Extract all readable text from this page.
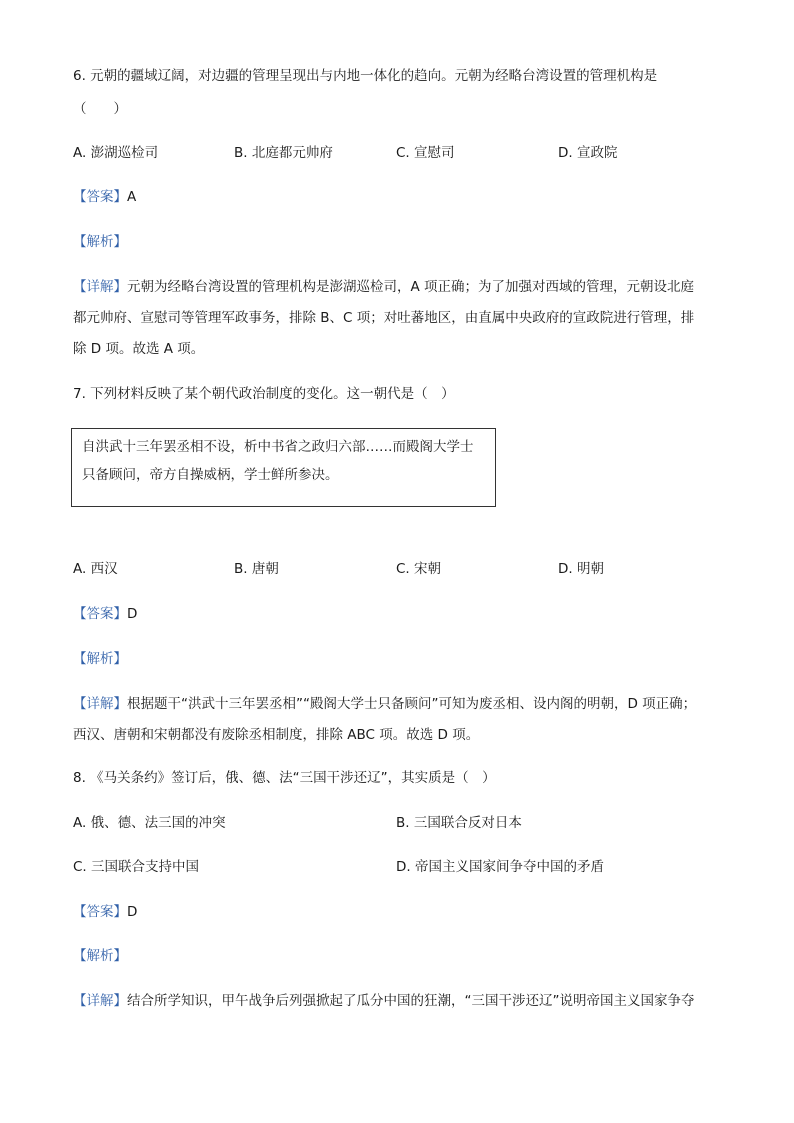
6. 元朝的疆域辽阔，对边疆的管理呈现出与内地一体化的趋向。元朝为经略台湾设置的管理机构是
（　　）
A. 澎湖巡检司	B. 北庭都元帅府	C. 宣慰司	D. 宣政院
【答案】A
【解析】
【详解】元朝为经略台湾设置的管理机构是澎湖巡检司，A 项正确；为了加强对西域的管理，元朝设北庭
都元帅府、宣慰司等管理军政事务，排除 B、C 项；对吐蕃地区，由直属中央政府的宣政院进行管理，排
除 D 项。故选 A 项。
7. 下列材料反映了某个朝代政治制度的变化。这一朝代是（　）
自洪武十三年罢丞相不设，析中书省之政归六部……而殿阁大学士
只备顾问，帝方自操威柄，学士鲜所参决。
A. 西汉	B. 唐朝	C. 宋朝	D. 明朝
【答案】D
【解析】
【详解】根据题干“洪武十三年罢丞相”“殿阁大学士只备顾问”可知为废丞相、设内阁的明朝，D 项正确；
西汉、唐朝和宋朝都没有废除丞相制度，排除 ABC 项。故选 D 项。
8. 《马关条约》签订后，俄、德、法“三国干涉还辽”，其实质是（　）
A. 俄、德、法三国的冲突	B. 三国联合反对日本
C. 三国联合支持中国	D. 帝国主义国家间争夺中国的矛盾
【答案】D
【解析】
【详解】结合所学知识，甲午战争后列强掀起了瓜分中国的狂潮，“三国干涉还辽”说明帝国主义国家争夺
